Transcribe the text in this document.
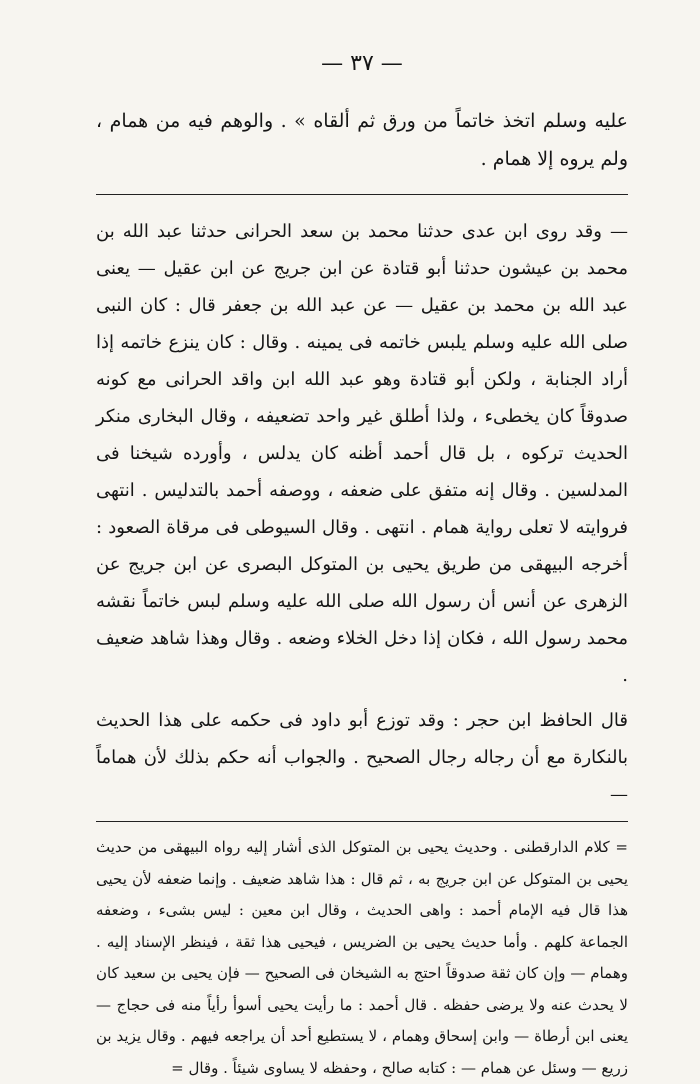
— ٣٧ —

عليه وسلم اتخذ خاتماً من ورق ثم ألقاه » . والوهم فيه من همام ، ولم يروه إلا همام .

— وقد روى ابن عدى حدثنا محمد بن سعد الحرانى حدثنا عبد الله بن محمد بن عيشون حدثنا أبو قتادة عن ابن جريج عن ابن عقيل — يعنى عبد الله بن محمد بن عقيل — عن عبد الله بن جعفر قال : كان النبى صلى الله عليه وسلم يلبس خاتمه فى يمينه . وقال : كان ينزع خاتمه إذا أراد الجنابة ، ولكن أبو قتادة وهو عبد الله ابن واقد الحرانى مع كونه صدوقاً كان يخطىء ، ولذا أطلق غير واحد تضعيفه ، وقال البخارى منكر الحديث تركوه ، بل قال أحمد أظنه كان يدلس ، وأورده شيخنا فى المدلسين . وقال إنه متفق على ضعفه ، ووصفه أحمد بالتدليس . انتهى فروايته لا تعلى رواية همام . انتهى . وقال السيوطى فى مرقاة الصعود : أخرجه البيهقى من طريق يحيى بن المتوكل البصرى عن ابن جريج عن الزهرى عن أنس أن رسول الله صلى الله عليه وسلم لبس خاتماً نقشه محمد رسول الله ، فكان إذا دخل الخلاء وضعه . وقال وهذا شاهد ضعيف .

قال الحافظ ابن حجر : وقد توزع أبو داود فى حكمه على هذا الحديث بالنكارة مع أن رجاله رجال الصحيح . والجواب أنه حكم بذلك لأن هماماً —

= كلام الدارقطنى . وحديث يحيى بن المتوكل الذى أشار إليه رواه البيهقى من حديث يحيى بن المتوكل عن ابن جريج به ، ثم قال : هذا شاهد ضعيف . وإنما ضعفه لأن يحيى هذا قال فيه الإمام أحمد : واهى الحديث ، وقال ابن معين : ليس بشىء ، وضعفه الجماعة كلهم . وأما حديث يحيى بن الضريس ، فيحيى هذا ثقة ، فينظر الإسناد إليه . وهمام — وإن كان ثقة صدوقاً احتج به الشيخان فى الصحيح — فإن يحيى بن سعيد كان لا يحدث عنه ولا يرضى حفظه . قال أحمد : ما رأيت يحيى أسوأ رأياً منه فى حجاج — يعنى ابن أرطاة — وابن إسحاق وهمام ، لا يستطيع أحد أن يراجعه فيهم . وقال يزيد بن زريع — وسئل عن همام — : كتابه صالح ، وحفظه لا يساوى شيئاً . وقال =
